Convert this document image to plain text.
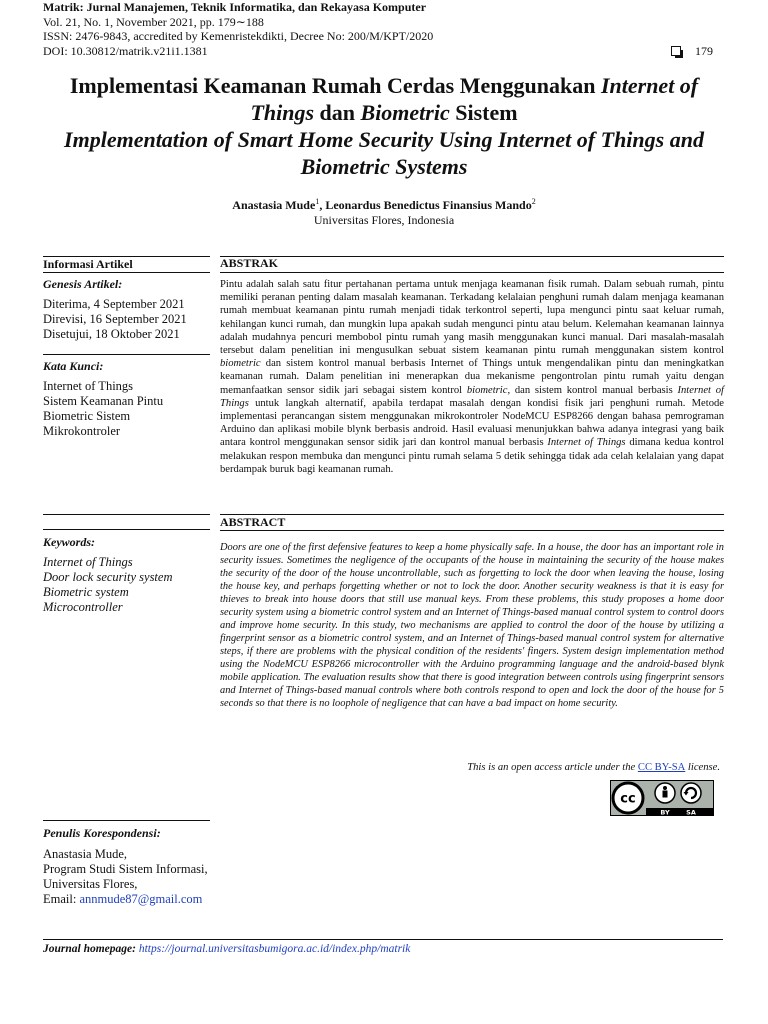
Matrik: Jurnal Manajemen, Teknik Informatika, dan Rekayasa Komputer
Vol. 21, No. 1, November 2021, pp. 179∼188
ISSN: 2476-9843, accredited by Kemenristekdikti, Decree No: 200/M/KPT/2020
DOI: 10.30812/matrik.v21i1.1381	179
Implementasi Keamanan Rumah Cerdas Menggunakan Internet of Things dan Biometric Sistem
Implementation of Smart Home Security Using Internet of Things and Biometric Systems
Anastasia Mude$^1$, Leonardus Benedictus Finansius Mando$^2$
Universitas Flores, Indonesia
Informasi Artikel
Genesis Artikel:
Diterima, 4 September 2021
Direvisi, 16 September 2021
Disetujui, 18 Oktober 2021
Kata Kunci:
Internet of Things
Sistem Keamanan Pintu
Biometric Sistem
Mikrokontroler
Keywords:
Internet of Things
Door lock security system
Biometric system
Microcontroller
ABSTRAK
Pintu adalah salah satu fitur pertahanan pertama untuk menjaga keamanan fisik rumah. Dalam sebuah rumah, pintu memiliki peranan penting dalam masalah keamanan. Terkadang kelalaian penghuni rumah dalam menjaga keamanan rumah membuat keamanan pintu rumah menjadi tidak terkontrol seperti, lupa mengunci pintu saat keluar rumah, kehilangan kunci rumah, dan mungkin lupa apakah sudah mengunci pintu atau belum. Kelemahan keamanan lainnya adalah mudahnya pencuri membobol pintu rumah yang masih menggunakan kunci manual. Dari masalah-masalah tersebut dalam penelitian ini mengusulkan sebuat sistem keamanan pintu rumah menggunakan sistem kontrol biometric dan sistem kontrol manual berbasis Internet of Things untuk mengendalikan pintu dan meningkatkan keamanan rumah. Dalam penelitian ini menerapkan dua mekanisme pengontrolan pintu rumah yaitu dengan memanfaatkan sensor sidik jari sebagai sistem kontrol biometric, dan sistem kontrol manual berbasis Internet of Things untuk langkah alternatif, apabila terdapat masalah dengan kondisi fisik jari penghuni rumah. Metode implementasi perancangan sistem menggunakan mikrokontroler NodeMCU ESP8266 dengan bahasa pemrograman Arduino dan aplikasi mobile blynk berbasis android. Hasil evaluasi menunjukkan bahwa adanya integrasi yang baik antara kontrol menggunakan sensor sidik jari dan kontrol manual berbasis Internet of Things dimana kedua kontrol melakukan respon membuka dan mengunci pintu rumah selama 5 detik sehingga tidak ada celah kelalaian yang dapat berdampak buruk bagi keamanan rumah.
ABSTRACT
Doors are one of the first defensive features to keep a home physically safe. In a house, the door has an important role in security issues. Sometimes the negligence of the occupants of the house in maintaining the security of the house makes the security of the door of the house uncontrollable, such as forgetting to lock the door when leaving the house, losing the house key, and perhaps forgetting whether or not to lock the door. Another security weakness is that it is easy for thieves to break into house doors that still use manual keys. From these problems, this study proposes a home door security system using a biometric control system and an Internet of Things-based manual control system to control doors and improve home security. In this study, two mechanisms are applied to control the door of the house by utilizing a fingerprint sensor as a biometric control system, and an Internet of Things-based manual control system for alternative steps, if there are problems with the physical condition of the residents' fingers. System design implementation method using the NodeMCU ESP8266 microcontroller with the Arduino programming language and the android-based blynk mobile application. The evaluation results show that there is good integration between controls using fingerprint sensors and Internet of Things-based manual controls where both controls respond to open and lock the door of the house for 5 seconds so that there is no loophole of negligence that can have a bad impact on home security.
This is an open access article under the CC BY-SA license.
cc
BY	SA
Penulis Korespondensi:
Anastasia Mude,
Program Studi Sistem Informasi,
Universitas Flores,
Email: annmude87@gmail.com
Journal homepage: https://journal.universitasbumigora.ac.id/index.php/matrik
